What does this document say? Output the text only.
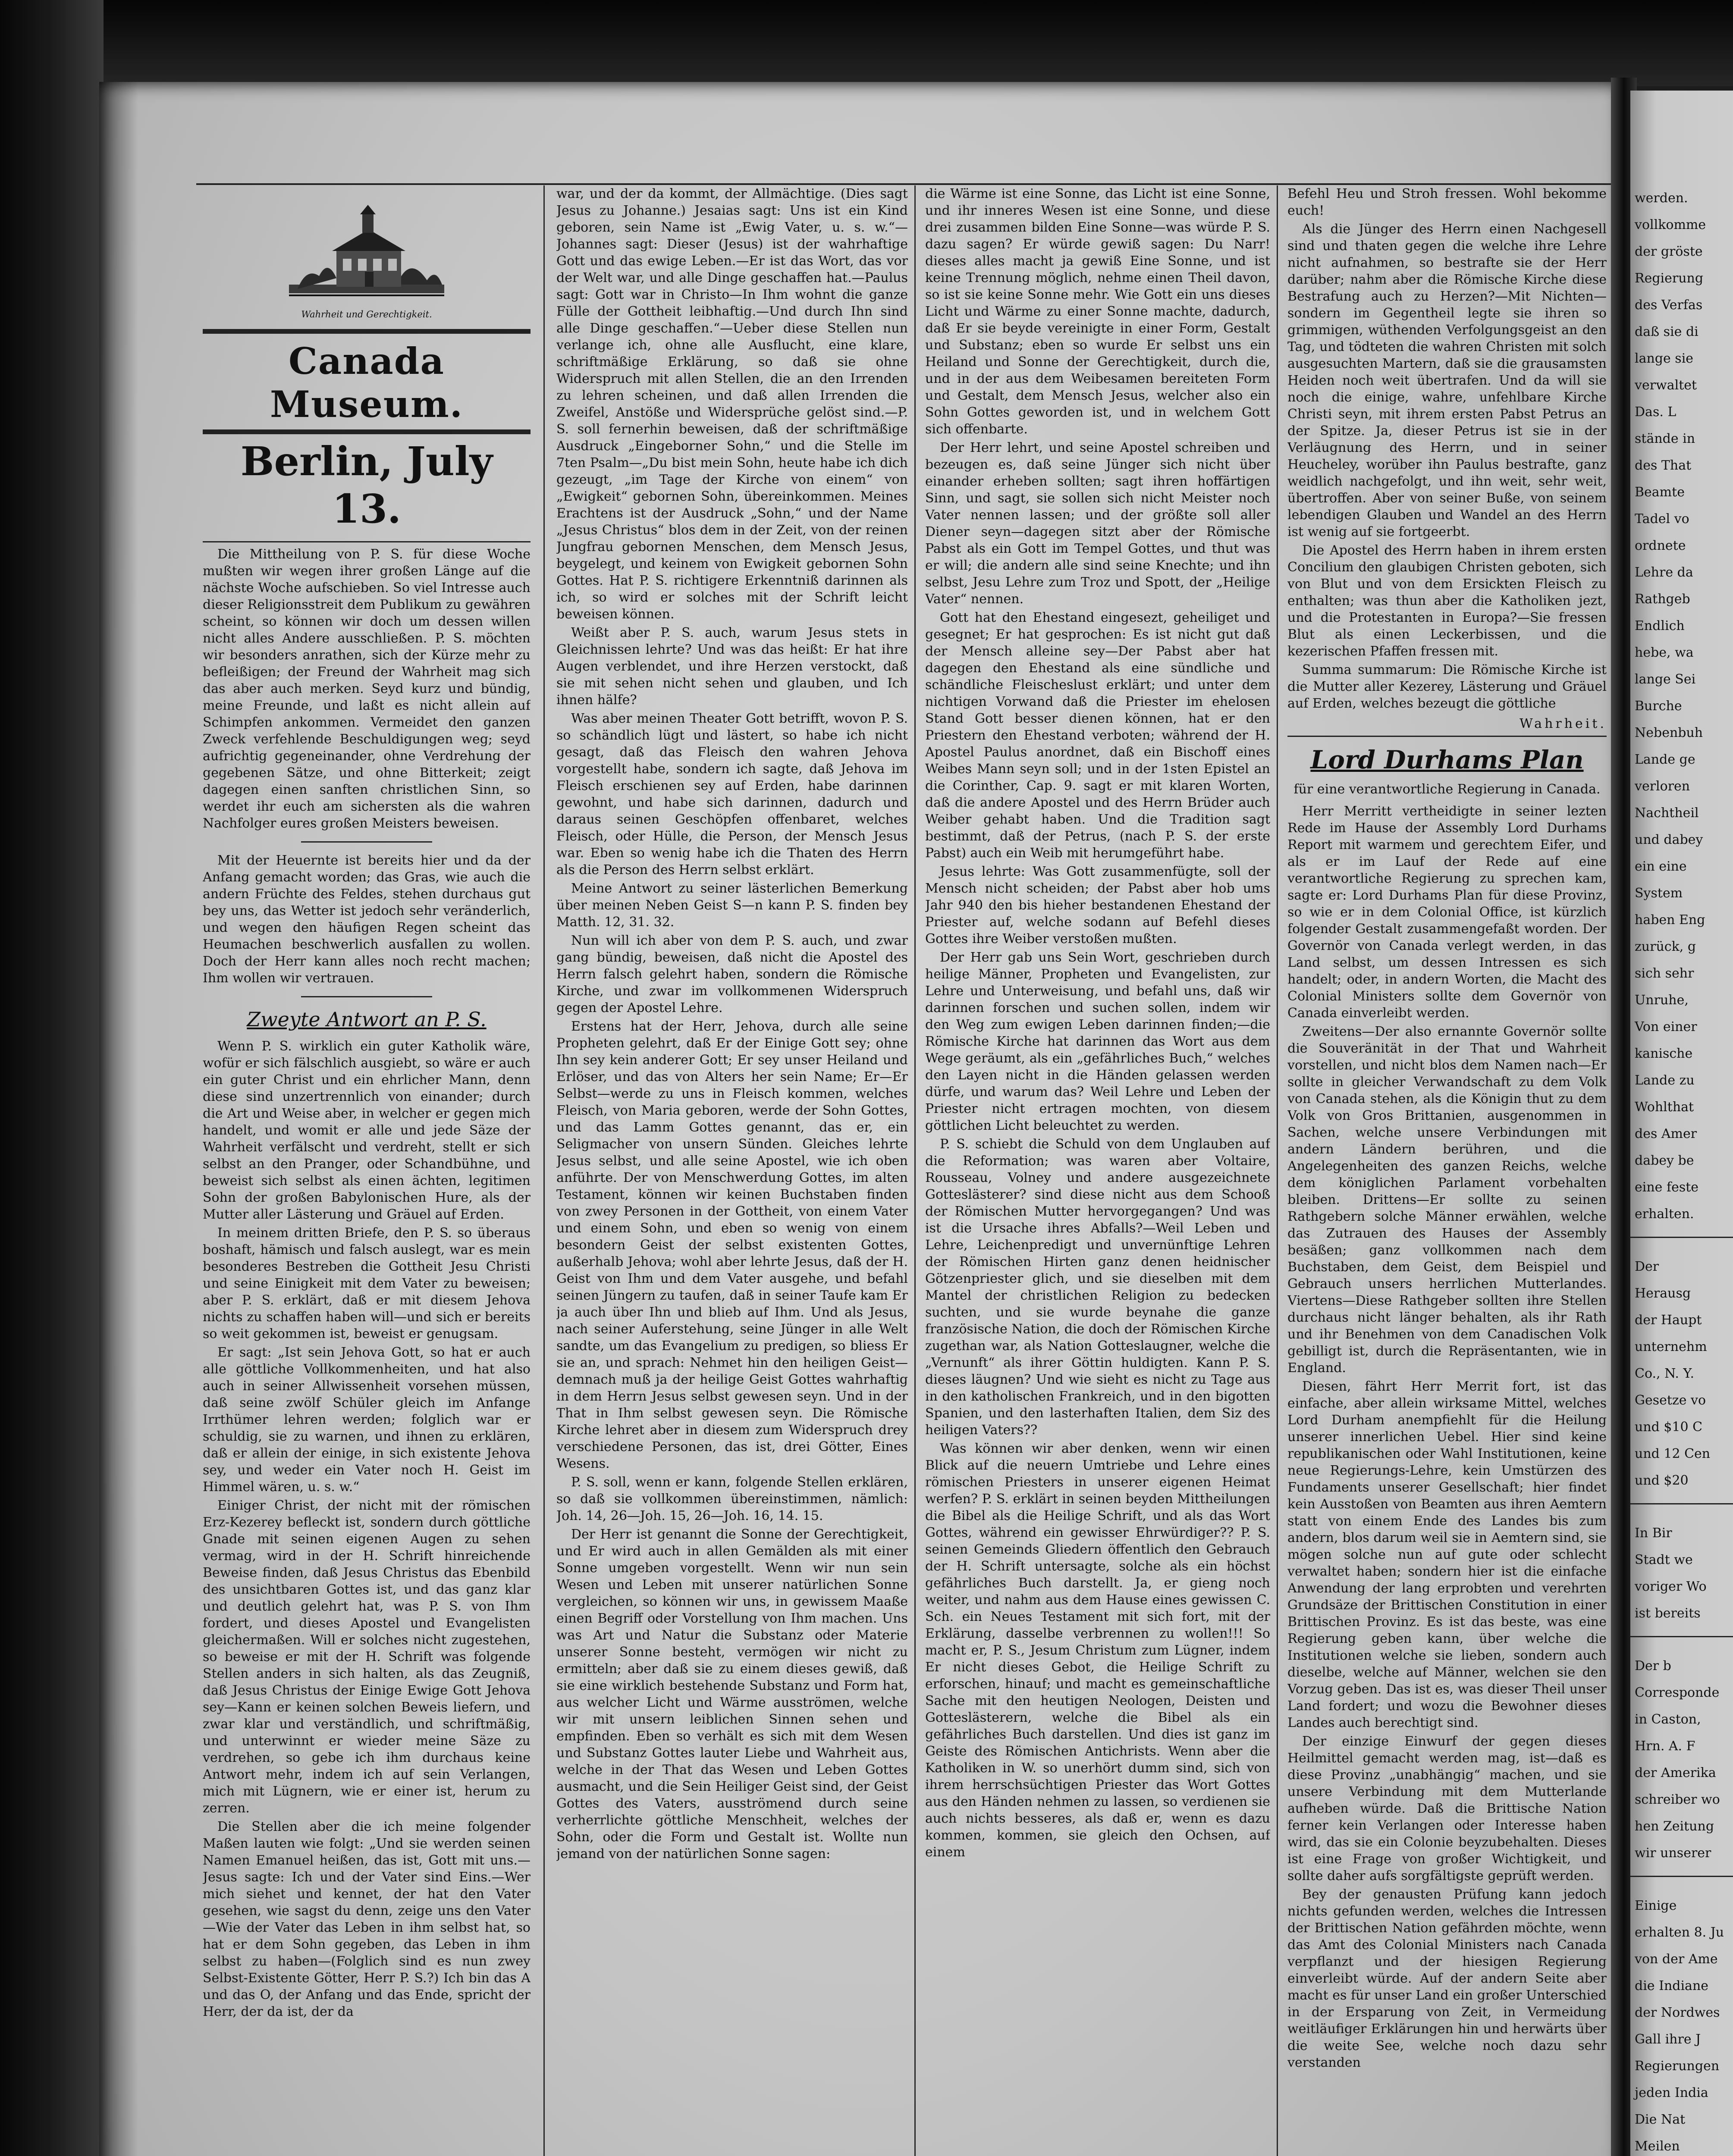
Wahrheit und Gerechtigkeit.
Canada Museum.
Berlin, July 13.

Die Mittheilung von P. S. für diese Woche mußten wir wegen ihrer großen Länge auf die nächste Woche aufschieben. So viel Intresse auch dieser Religionsstreit dem Publikum zu gewähren scheint, so können wir doch um dessen willen nicht alles Andere ausschließen. P. S. möchten wir besonders anrathen, sich der Kürze mehr zu befleißigen; der Freund der Wahrheit mag sich das aber auch merken. Seyd kurz und bündig, meine Freunde, und laßt es nicht allein auf Schimpfen ankommen. Vermeidet den ganzen Zweck verfehlende Beschuldigungen weg; seyd aufrichtig gegeneinander, ohne Verdrehung der gegebenen Sätze, und ohne Bitterkeit; zeigt dagegen einen sanften christlichen Sinn, so werdet ihr euch am sichersten als die wahren Nachfolger eures großen Meisters beweisen.

Mit der Heuernte ist bereits hier und da der Anfang gemacht worden; das Gras, wie auch die andern Früchte des Feldes, stehen durchaus gut bey uns, das Wetter ist jedoch sehr veränderlich, und wegen den häufigen Regen scheint das Heumachen beschwerlich ausfallen zu wollen. Doch der Herr kann alles noch recht machen; Ihm wollen wir vertrauen.

Zweyte Antwort an P. S.

Wenn P. S. wirklich ein guter Katholik wäre, wofür er sich fälschlich ausgiebt, so wäre er auch ein guter Christ und ein ehrlicher Mann, denn diese sind unzertrennlich von einander; durch die Art und Weise aber, in welcher er gegen mich handelt, und womit er alle und jede Säze der Wahrheit verfälscht und verdreht, stellt er sich selbst an den Pranger, oder Schandbühne, und beweist sich selbst als einen ächten, legitimen Sohn der großen Babylonischen Hure, als der Mutter aller Lästerung und Gräuel auf Erden.

In meinem dritten Briefe, den P. S. so überaus boshaft, hämisch und falsch auslegt, war es mein besonderes Bestreben die Gottheit Jesu Christi und seine Einigkeit mit dem Vater zu beweisen; aber P. S. erklärt, daß er mit diesem Jehova nichts zu schaffen haben will—und sich er bereits so weit gekommen ist, beweist er genugsam.

Er sagt: „Ist sein Jehova Gott, so hat er auch alle göttliche Vollkommenheiten, und hat also auch in seiner Allwissenheit vorsehen müssen, daß seine zwölf Schüler gleich im Anfange Irrthümer lehren werden; folglich war er schuldig, sie zu warnen, und ihnen zu erklären, daß er allein der einige, in sich existente Jehova sey, und weder ein Vater noch H. Geist im Himmel wären, u. s. w.“

Einiger Christ, der nicht mit der römischen Erz-Kezerey befleckt ist, sondern durch göttliche Gnade mit seinen eigenen Augen zu sehen vermag, wird in der H. Schrift hinreichende Beweise finden, daß Jesus Christus das Ebenbild des unsichtbaren Gottes ist, und das ganz klar und deutlich gelehrt hat, was P. S. von Ihm fordert, und dieses Apostel und Evangelisten gleichermaßen. Will er solches nicht zugestehen, so beweise er mit der H. Schrift was folgende Stellen anders in sich halten, als das Zeugniß, daß Jesus Christus der Einige Ewige Gott Jehova sey—Kann er keinen solchen Beweis liefern, und zwar klar und verständlich, und schriftmäßig, und unterwinnt er wieder meine Säze zu verdrehen, so gebe ich ihm durchaus keine Antwort mehr, indem ich auf sein Verlangen, mich mit Lügnern, wie er einer ist, herum zu zerren.

Die Stellen aber die ich meine folgender Maßen lauten wie folgt: „Und sie werden seinen Namen Emanuel heißen, das ist, Gott mit uns.—Jesus sagte: Ich und der Vater sind Eins.—Wer mich siehet und kennet, der hat den Vater gesehen, wie sagst du denn, zeige uns den Vater—Wie der Vater das Leben in ihm selbst hat, so hat er dem Sohn gegeben, das Leben in ihm selbst zu haben—(Folglich sind es nun zwey Selbst-Existente Götter, Herr P. S.?) Ich bin das A und das O, der Anfang und das Ende, spricht der Herr, der da ist, der da

war, und der da kommt, der Allmächtige. (Dies sagt Jesus zu Johanne.) Jesaias sagt: Uns ist ein Kind geboren, sein Name ist „Ewig Vater, u. s. w.“—Johannes sagt: Dieser (Jesus) ist der wahrhaftige Gott und das ewige Leben.—Er ist das Wort, das vor der Welt war, und alle Dinge geschaffen hat.—Paulus sagt: Gott war in Christo—In Ihm wohnt die ganze Fülle der Gottheit leibhaftig.—Und durch Ihn sind alle Dinge geschaffen.“—Ueber diese Stellen nun verlange ich, ohne alle Ausflucht, eine klare, schriftmäßige Erklärung, so daß sie ohne Widerspruch mit allen Stellen, die an den Irrenden zu lehren scheinen, und daß allen Irrenden die Zweifel, Anstöße und Widersprüche gelöst sind.—P. S. soll fernerhin beweisen, daß der schriftmäßige Ausdruck „Eingeborner Sohn,“ und die Stelle im 7ten Psalm—„Du bist mein Sohn, heute habe ich dich gezeugt, „im Tage der Kirche von einem“ von „Ewigkeit“ gebornen Sohn, übereinkommen. Meines Erachtens ist der Ausdruck „Sohn,“ und der Name „Jesus Christus“ blos dem in der Zeit, von der reinen Jungfrau gebornen Menschen, dem Mensch Jesus, beygelegt, und keinem von Ewigkeit gebornen Sohn Gottes. Hat P. S. richtigere Erkenntniß darinnen als ich, so wird er solches mit der Schrift leicht beweisen können.

Weißt aber P. S. auch, warum Jesus stets in Gleichnissen lehrte? Und was das heißt: Er hat ihre Augen verblendet, und ihre Herzen verstockt, daß sie mit sehen nicht sehen und glauben, und Ich ihnen hälfe?

Was aber meinen Theater Gott betrifft, wovon P. S. so schändlich lügt und lästert, so habe ich nicht gesagt, daß das Fleisch den wahren Jehova vorgestellt habe, sondern ich sagte, daß Jehova im Fleisch erschienen sey auf Erden, habe darinnen gewohnt, und habe sich darinnen, dadurch und daraus seinen Geschöpfen offenbaret, welches Fleisch, oder Hülle, die Person, der Mensch Jesus war. Eben so wenig habe ich die Thaten des Herrn als die Person des Herrn selbst erklärt.

Meine Antwort zu seiner lästerlichen Bemerkung über meinen Neben Geist S—n kann P. S. finden bey Matth. 12, 31. 32.

Nun will ich aber von dem P. S. auch, und zwar gang bündig, beweisen, daß nicht die Apostel des Herrn falsch gelehrt haben, sondern die Römische Kirche, und zwar im vollkommenen Widerspruch gegen der Apostel Lehre.

Erstens hat der Herr, Jehova, durch alle seine Propheten gelehrt, daß Er der Einige Gott sey; ohne Ihn sey kein anderer Gott; Er sey unser Heiland und Erlöser, und das von Alters her sein Name; Er—Er Selbst—werde zu uns in Fleisch kommen, welches Fleisch, von Maria geboren, werde der Sohn Gottes, und das Lamm Gottes genannt, das er, ein Seligmacher von unsern Sünden. Gleiches lehrte Jesus selbst, und alle seine Apostel, wie ich oben anführte. Der von Menschwerdung Gottes, im alten Testament, können wir keinen Buchstaben finden von zwey Personen in der Gottheit, von einem Vater und einem Sohn, und eben so wenig von einem besondern Geist der selbst existenten Gottes, außerhalb Jehova; wohl aber lehrte Jesus, daß der H. Geist von Ihm und dem Vater ausgehe, und befahl seinen Jüngern zu taufen, daß in seiner Taufe kam Er ja auch über Ihn und blieb auf Ihm. Und als Jesus, nach seiner Auferstehung, seine Jünger in alle Welt sandte, um das Evangelium zu predigen, so bliess Er sie an, und sprach: Nehmet hin den heiligen Geist—demnach muß ja der heilige Geist Gottes wahrhaftig in dem Herrn Jesus selbst gewesen seyn. Und in der That in Ihm selbst gewesen seyn. Die Römische Kirche lehret aber in diesem zum Widerspruch drey verschiedene Personen, das ist, drei Götter, Eines Wesens.

P. S. soll, wenn er kann, folgende Stellen erklären, so daß sie vollkommen übereinstimmen, nämlich: Joh. 14, 26—Joh. 15, 26—Joh. 16, 14. 15.

Der Herr ist genannt die Sonne der Gerechtigkeit, und Er wird auch in allen Gemälden als mit einer Sonne umgeben vorgestellt. Wenn wir nun sein Wesen und Leben mit unserer natürlichen Sonne vergleichen, so können wir uns, in gewissem Maaße einen Begriff oder Vorstellung von Ihm machen. Uns was Art und Natur die Substanz oder Materie unserer Sonne besteht, vermögen wir nicht zu ermitteln; aber daß sie zu einem dieses gewiß, daß sie eine wirklich bestehende Substanz und Form hat, aus welcher Licht und Wärme ausströmen, welche wir mit unsern leiblichen Sinnen sehen und empfinden. Eben so verhält es sich mit dem Wesen und Substanz Gottes lauter Liebe und Wahrheit aus, welche in der That das Wesen und Leben Gottes ausmacht, und die Sein Heiliger Geist sind, der Geist Gottes des Vaters, ausströmend durch seine verherrlichte göttliche Menschheit, welches der Sohn, oder die Form und Gestalt ist. Wollte nun jemand von der natürlichen Sonne sagen:

die Wärme ist eine Sonne, das Licht ist eine Sonne, und ihr inneres Wesen ist eine Sonne, und diese drei zusammen bilden Eine Sonne—was würde P. S. dazu sagen? Er würde gewiß sagen: Du Narr! dieses alles macht ja gewiß Eine Sonne, und ist keine Trennung möglich, nehme einen Theil davon, so ist sie keine Sonne mehr. Wie Gott ein uns dieses Licht und Wärme zu einer Sonne machte, dadurch, daß Er sie beyde vereinigte in einer Form, Gestalt und Substanz; eben so wurde Er selbst uns ein Heiland und Sonne der Gerechtigkeit, durch die, und in der aus dem Weibesamen bereiteten Form und Gestalt, dem Mensch Jesus, welcher also ein Sohn Gottes geworden ist, und in welchem Gott sich offenbarte.

Der Herr lehrt, und seine Apostel schreiben und bezeugen es, daß seine Jünger sich nicht über einander erheben sollten; sagt ihren hoffärtigen Sinn, und sagt, sie sollen sich nicht Meister noch Vater nennen lassen; und der größte soll aller Diener seyn—dagegen sitzt aber der Römische Pabst als ein Gott im Tempel Gottes, und thut was er will; die andern alle sind seine Knechte; und ihn selbst, Jesu Lehre zum Troz und Spott, der „Heilige Vater“ nennen.

Gott hat den Ehestand eingesezt, geheiliget und gesegnet; Er hat gesprochen: Es ist nicht gut daß der Mensch alleine sey—Der Pabst aber hat dagegen den Ehestand als eine sündliche und schändliche Fleischeslust erklärt; und unter dem nichtigen Vorwand daß die Priester im ehelosen Stand Gott besser dienen können, hat er den Priestern den Ehestand verboten; während der H. Apostel Paulus anordnet, daß ein Bischoff eines Weibes Mann seyn soll; und in der 1sten Epistel an die Corinther, Cap. 9. sagt er mit klaren Worten, daß die andere Apostel und des Herrn Brüder auch Weiber gehabt haben. Und die Tradition sagt bestimmt, daß der Petrus, (nach P. S. der erste Pabst) auch ein Weib mit herumgeführt habe.

Jesus lehrte: Was Gott zusammenfügte, soll der Mensch nicht scheiden; der Pabst aber hob ums Jahr 940 den bis hieher bestandenen Ehestand der Priester auf, welche sodann auf Befehl dieses Gottes ihre Weiber verstoßen mußten.

Der Herr gab uns Sein Wort, geschrieben durch heilige Männer, Propheten und Evangelisten, zur Lehre und Unterweisung, und befahl uns, daß wir darinnen forschen und suchen sollen, indem wir den Weg zum ewigen Leben darinnen finden;—die Römische Kirche hat darinnen das Wort aus dem Wege geräumt, als ein „gefährliches Buch,“ welches den Layen nicht in die Händen gelassen werden dürfe, und warum das? Weil Lehre und Leben der Priester nicht ertragen mochten, von diesem göttlichen Licht beleuchtet zu werden.

P. S. schiebt die Schuld von dem Unglauben auf die Reformation; was waren aber Voltaire, Rousseau, Volney und andere ausgezeichnete Gotteslästerer? sind diese nicht aus dem Schooß der Römischen Mutter hervorgegangen? Und was ist die Ursache ihres Abfalls?—Weil Leben und Lehre, Leichenpredigt und unvernünftige Lehren der Römischen Hirten ganz denen heidnischer Götzenpriester glich, und sie dieselben mit dem Mantel der christlichen Religion zu bedecken suchten, und sie wurde beynahe die ganze französische Nation, die doch der Römischen Kirche zugethan war, als Nation Gotteslaugner, welche die „Vernunft“ als ihrer Göttin huldigten. Kann P. S. dieses läugnen? Und wie sieht es nicht zu Tage aus in den katholischen Frankreich, und in den bigotten Spanien, und den lasterhaften Italien, dem Siz des heiligen Vaters??

Was können wir aber denken, wenn wir einen Blick auf die neuern Umtriebe und Lehre eines römischen Priesters in unserer eigenen Heimat werfen? P. S. erklärt in seinen beyden Mittheilungen die Bibel als die Heilige Schrift, und als das Wort Gottes, während ein gewisser Ehrwürdiger?? P. S. seinen Gemeinds Gliedern öffentlich den Gebrauch der H. Schrift untersagte, solche als ein höchst gefährliches Buch darstellt. Ja, er gieng noch weiter, und nahm aus dem Hause eines gewissen C. Sch. ein Neues Testament mit sich fort, mit der Erklärung, dasselbe verbrennen zu wollen!!! So macht er, P. S., Jesum Christum zum Lügner, indem Er nicht dieses Gebot, die Heilige Schrift zu erforschen, hinauf; und macht es gemeinschaftliche Sache mit den heutigen Neologen, Deisten und Gotteslästerern, welche die Bibel als ein gefährliches Buch darstellen. Und dies ist ganz im Geiste des Römischen Antichrists. Wenn aber die Katholiken in W. so unerhört dumm sind, sich von ihrem herrschsüchtigen Priester das Wort Gottes aus den Händen nehmen zu lassen, so verdienen sie auch nichts besseres, als daß er, wenn es dazu kommen, kommen, sie gleich den Ochsen, auf einem

Befehl Heu und Stroh fressen. Wohl bekomme euch!

Als die Jünger des Herrn einen Nachgesell sind und thaten gegen die welche ihre Lehre nicht aufnahmen, so bestrafte sie der Herr darüber; nahm aber die Römische Kirche diese Bestrafung auch zu Herzen?—Mit Nichten—sondern im Gegentheil legte sie ihren so grimmigen, wüthenden Verfolgungsgeist an den Tag, und tödteten die wahren Christen mit solch ausgesuchten Martern, daß sie die grausamsten Heiden noch weit übertrafen. Und da will sie noch die einige, wahre, unfehlbare Kirche Christi seyn, mit ihrem ersten Pabst Petrus an der Spitze. Ja, dieser Petrus ist sie in der Verläugnung des Herrn, und in seiner Heucheley, worüber ihn Paulus bestrafte, ganz weidlich nachgefolgt, und ihn weit, sehr weit, übertroffen. Aber von seiner Buße, von seinem lebendigen Glauben und Wandel an des Herrn ist wenig auf sie fortgeerbt.

Die Apostel des Herrn haben in ihrem ersten Concilium den glaubigen Christen geboten, sich von Blut und von dem Ersickten Fleisch zu enthalten; was thun aber die Katholiken jezt, und die Protestanten in Europa?—Sie fressen Blut als einen Leckerbissen, und die kezerischen Pfaffen fressen mit.

Summa summarum: Die Römische Kirche ist die Mutter aller Kezerey, Lästerung und Gräuel auf Erden, welches bezeugt die göttliche

Wahrheit.
Lord Durhams Plan
für eine verantwortliche Regierung in Canada.

Herr Merritt vertheidigte in seiner lezten Rede im Hause der Assembly Lord Durhams Report mit warmem und gerechtem Eifer, und als er im Lauf der Rede auf eine verantwortliche Regierung zu sprechen kam, sagte er: Lord Durhams Plan für diese Provinz, so wie er in dem Colonial Office, ist kürzlich folgender Gestalt zusammengefaßt worden. Der Governör von Canada verlegt werden, in das Land selbst, um dessen Intressen es sich handelt; oder, in andern Worten, die Macht des Colonial Ministers sollte dem Governör von Canada einverleibt werden.

Zweitens—Der also ernannte Governör sollte die Souveränität in der That und Wahrheit vorstellen, und nicht blos dem Namen nach—Er sollte in gleicher Verwandschaft zu dem Volk von Canada stehen, als die Königin thut zu dem Volk von Gros Brittanien, ausgenommen in Sachen, welche unsere Verbindungen mit andern Ländern berühren, und die Angelegenheiten des ganzen Reichs, welche dem königlichen Parlament vorbehalten bleiben. Drittens—Er sollte zu seinen Rathgebern solche Männer erwählen, welche das Zutrauen des Hauses der Assembly besäßen; ganz vollkommen nach dem Buchstaben, dem Geist, dem Beispiel und Gebrauch unsers herrlichen Mutterlandes. Viertens—Diese Rathgeber sollten ihre Stellen durchaus nicht länger behalten, als ihr Rath und ihr Benehmen von dem Canadischen Volk gebilligt ist, durch die Repräsentanten, wie in England.

Diesen, fährt Herr Merrit fort, ist das einfache, aber allein wirksame Mittel, welches Lord Durham anempfiehlt für die Heilung unserer innerlichen Uebel. Hier sind keine republikanischen oder Wahl Institutionen, keine neue Regierungs-Lehre, kein Umstürzen des Fundaments unserer Gesellschaft; hier findet kein Ausstoßen von Beamten aus ihren Aemtern statt von einem Ende des Landes bis zum andern, blos darum weil sie in Aemtern sind, sie mögen solche nun auf gute oder schlecht verwaltet haben; sondern hier ist die einfache Anwendung der lang erprobten und verehrten Grundsäze der Brittischen Constitution in einer Brittischen Provinz. Es ist das beste, was eine Regierung geben kann, über welche die Institutionen welche sie lieben, sondern auch dieselbe, welche auf Männer, welchen sie den Vorzug geben. Das ist es, was dieser Theil unser Land fordert; und wozu die Bewohner dieses Landes auch berechtigt sind.

Der einzige Einwurf der gegen dieses Heilmittel gemacht werden mag, ist—daß es diese Provinz „unabhängig“ machen, und sie unsere Verbindung mit dem Mutterlande aufheben würde. Daß die Brittische Nation ferner kein Verlangen oder Interesse haben wird, das sie ein Colonie beyzubehalten. Dieses ist eine Frage von großer Wichtigkeit, und sollte daher aufs sorgfältigste geprüft werden.

Bey der genausten Prüfung kann jedoch nichts gefunden werden, welches die Intressen der Brittischen Nation gefährden möchte, wenn das Amt des Colonial Ministers nach Canada verpflanzt und der hiesigen Regierung einverleibt würde. Auf der andern Seite aber macht es für unser Land ein großer Unterschied in der Ersparung von Zeit, in Vermeidung weitläufiger Erklärungen hin und herwärts über die weite See, welche noch dazu sehr verstanden

werden.
vollkomme
der gröste
Regierung
des Verfas
daß sie di
lange sie
verwaltet
Das. L
stände in
des That
Beamte
Tadel vo
ordnete
Lehre da
Rathgeb
Endlich
hebe, wa
lange Sei
Burche
Nebenbuh
Lande ge
verloren
Nachtheil
und dabey
ein eine
System
haben Eng
zurück, g
sich sehr
Unruhe,
Von einer
kanische
Lande zu
Wohlthat
des Amer
dabey be
eine feste
erhalten.
Der
Herausg
der Haupt
unternehm
Co., N. Y.
Gesetze vo
und $10 C
und 12 Cen
und $20
In Bir
Stadt we
voriger Wo
ist bereits
Der b
Corresponde
in Caston,
Hrn. A. F
der Amerika
schreiber wo
hen Zeitung
wir unserer
Einige
erhalten 8. Ju
von der Ame
die Indiane
der Nordwes
Gall ihre J
Regierungen
jeden India
Die Nat
Meilen
